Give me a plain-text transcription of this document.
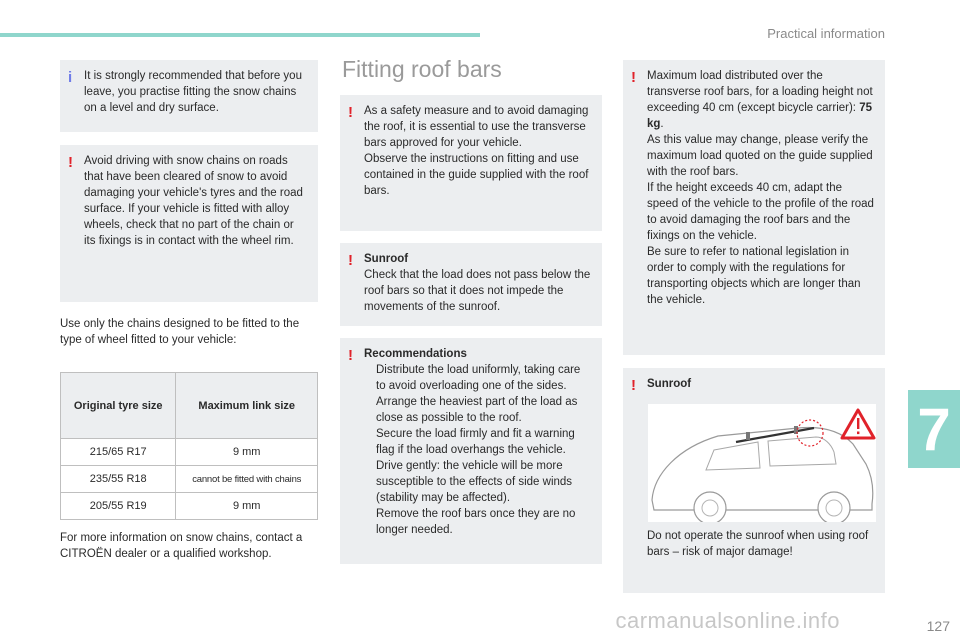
Practical information
7
carmanualsonline.info	127
i It is strongly recommended that before you leave, you practise fitting the snow chains on a level and dry surface.

! Avoid driving with snow chains on roads that have been cleared of snow to avoid damaging your vehicle's tyres and the road surface. If your vehicle is fitted with alloy wheels, check that no part of the chain or its fixings is in contact with the wheel rim.

Use only the chains designed to be fitted to the type of wheel fitted to your vehicle:
Original tyre size	Maximum link size
215/65 R17	9 mm
235/55 R18	cannot be fitted with chains
205/55 R19	9 mm
For more information on snow chains, contact a CITROËN dealer or a qualified workshop.
Fitting roof bars
! As a safety measure and to avoid damaging the roof, it is essential to use the transverse bars approved for your vehicle.

Observe the instructions on fitting and use contained in the guide supplied with the roof bars.

! Sunroof

Check that the load does not pass below the roof bars so that it does not impede the movements of the sunroof.

! Recommendations

Distribute the load uniformly, taking care to avoid overloading one of the sides.
Arrange the heaviest part of the load as close as possible to the roof.
Secure the load firmly and fit a warning flag if the load overhangs the vehicle.
Drive gently: the vehicle will be more susceptible to the effects of side winds (stability may be affected).
Remove the roof bars once they are no longer needed.
! Maximum load distributed over the transverse roof bars, for a loading height not exceeding 40 cm (except bicycle carrier): 75 kg.

As this value may change, please verify the maximum load quoted on the guide supplied with the roof bars.

If the height exceeds 40 cm, adapt the speed of the vehicle to the profile of the road to avoid damaging the roof bars and the fixings on the vehicle.

Be sure to refer to national legislation in order to comply with the regulations for transporting objects which are longer than the vehicle.

! Sunroof

Do not operate the sunroof when using roof bars – risk of major damage!
